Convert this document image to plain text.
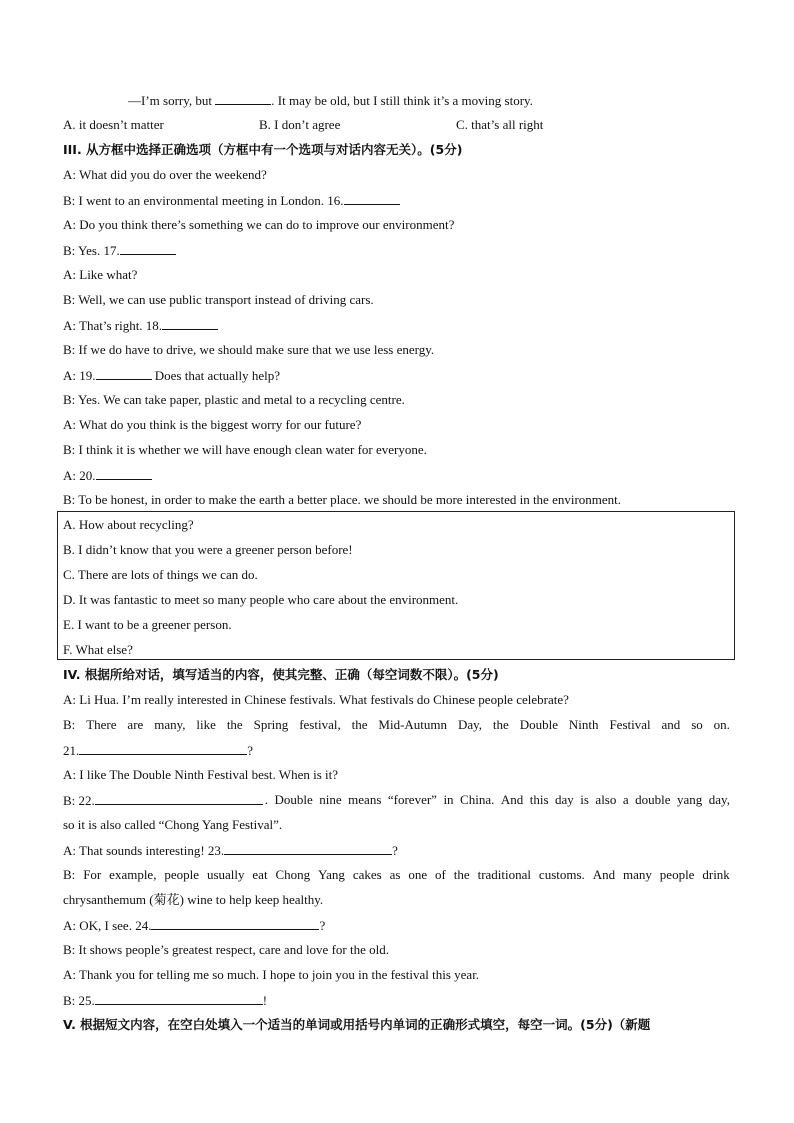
—I’m sorry, but	. It may be old, but I still think it’s a moving story.
A. it doesn’t matter	B. I don’t agree	C. that’s all right
III. 从方框中选择正确选项（方框中有一个选项与对话内容无关）。(5分)
A: What did you do over the weekend?
B: I went to an environmental meeting in London. 16.
A: Do you think there’s something we can do to improve our environment?
B: Yes. 17.
A: Like what?
B: Well, we can use public transport instead of driving cars.
A: That’s right. 18.
B: If we do have to drive, we should make sure that we use less energy.
A: 19.	Does that actually help?
B: Yes. We can take paper, plastic and metal to a recycling centre.
A: What do you think is the biggest worry for our future?
B: I think it is whether we will have enough clean water for everyone.
A: 20.
B: To be honest, in order to make the earth a better place. we should be more interested in the environment.
A. How about recycling?
B. I didn’t know that you were a greener person before!
C. There are lots of things we can do.
D. It was fantastic to meet so many people who care about the environment.
E. I want to be a greener person.
F. What else?
IV. 根据所给对话，填写适当的内容，使其完整、正确（每空词数不限）。(5分)
A: Li Hua. I’m really interested in Chinese festivals. What festivals do Chinese people celebrate?
B: There are many, like the Spring festival, the Mid-Autumn Day, the Double Ninth Festival and so on.
21.	?
A: I like The Double Ninth Festival best. When is it?
B: 22.	. Double nine means “forever” in China. And this day is also a double yang day,
so it is also called “Chong Yang Festival”.
A: That sounds interesting! 23.	?
B: For example, people usually eat Chong Yang cakes as one of the traditional customs. And many people drink
chrysanthemum (菊花) wine to help keep healthy.
A: OK, I see. 24.	?
B: It shows people’s greatest respect, care and love for the old.
A: Thank you for telling me so much. I hope to join you in the festival this year.
B: 25.	!
V. 根据短文内容，在空白处填入一个适当的单词或用括号内单词的正确形式填空，每空一词。(5分)（新题
